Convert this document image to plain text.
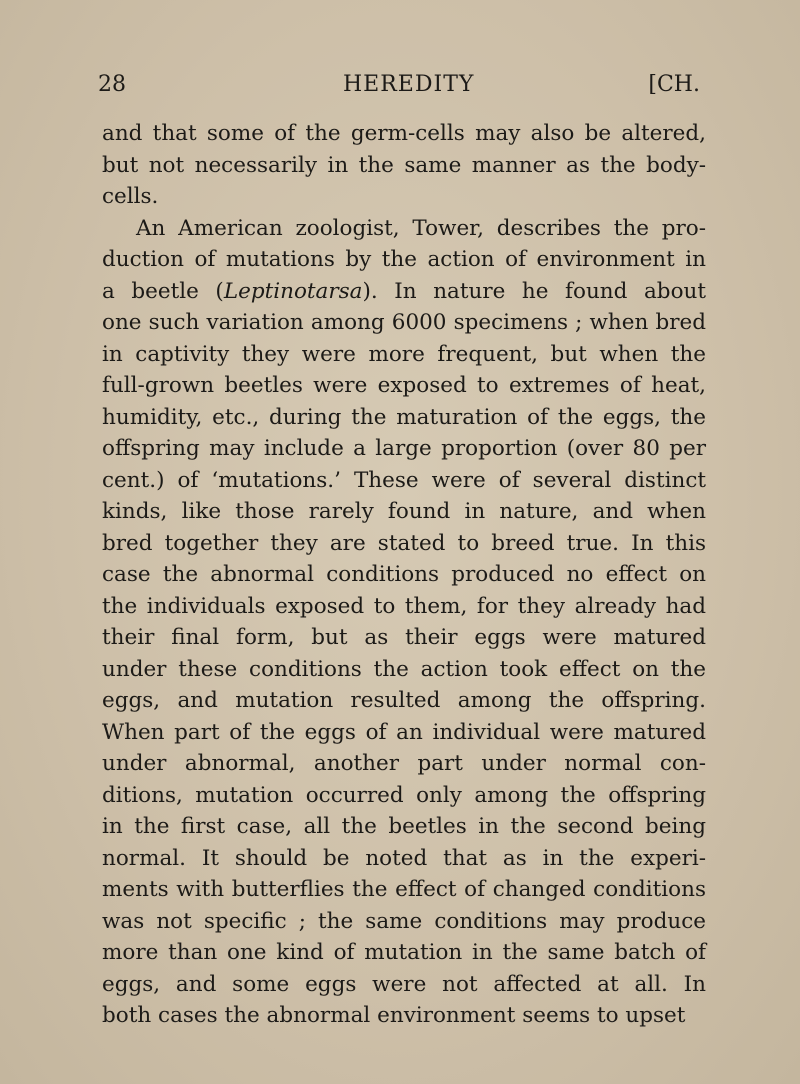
28	HEREDITY	[CH.
and that some of the germ-cells may also be altered,
but not necessarily in the same manner as the body-
cells.
An American zoologist, Tower, describes the pro-
duction of mutations by the action of environment in
a beetle (Leptinotarsa). In nature he found about
one such variation among 6000 specimens ; when bred
in captivity they were more frequent, but when the
full-grown beetles were exposed to extremes of heat,
humidity, etc., during the maturation of the eggs, the
offspring may include a large proportion (over 80 per
cent.) of ‘mutations.’ These were of several distinct
kinds, like those rarely found in nature, and when
bred together they are stated to breed true. In this
case the abnormal conditions produced no effect on
the individuals exposed to them, for they already had
their final form, but as their eggs were matured
under these conditions the action took effect on the
eggs, and mutation resulted among the offspring.
When part of the eggs of an individual were matured
under abnormal, another part under normal con-
ditions, mutation occurred only among the offspring
in the first case, all the beetles in the second being
normal. It should be noted that as in the experi-
ments with butterflies the effect of changed conditions
was not specific ; the same conditions may produce
more than one kind of mutation in the same batch of
eggs, and some eggs were not affected at all. In
both cases the abnormal environment seems to upset
